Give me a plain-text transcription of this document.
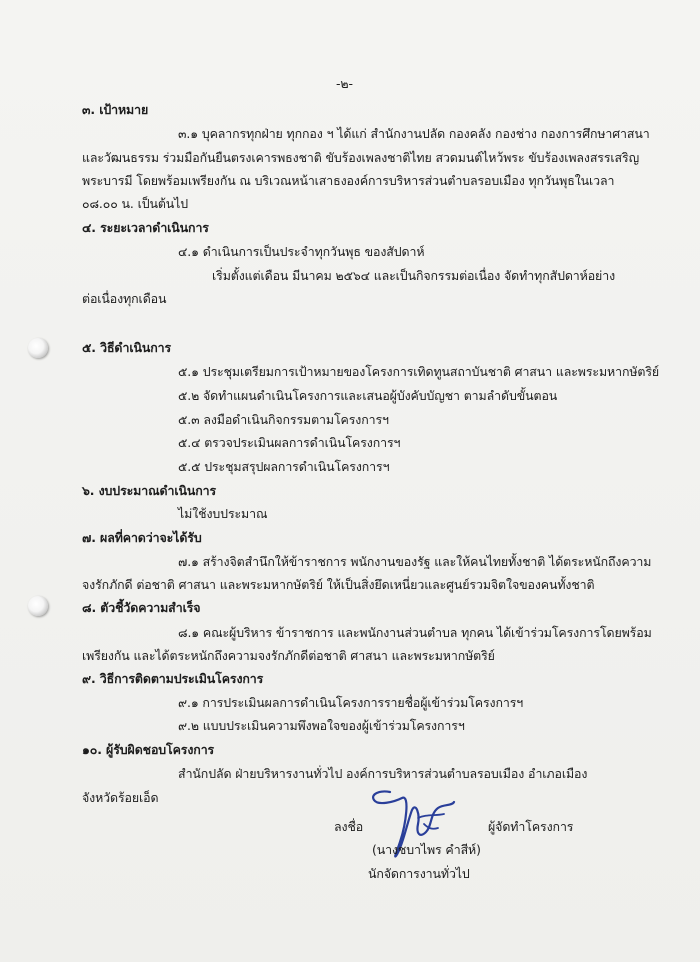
-๒-
๓. เป้าหมาย
๓.๑ บุคลากรทุกฝ่าย ทุกกอง ฯ ได้แก่ สำนักงานปลัด กองคลัง กองช่าง กองการศึกษาศาสนา
และวัฒนธรรม ร่วมมือกันยืนตรงเคารพธงชาติ ขับร้องเพลงชาติไทย สวดมนต์ไหว้พระ ขับร้องเพลงสรรเสริญ
พระบารมี โดยพร้อมเพรียงกัน ณ บริเวณหน้าเสาธงองค์การบริหารส่วนตำบลรอบเมือง ทุกวันพุธในเวลา
๐๘.๐๐ น. เป็นต้นไป
๔. ระยะเวลาดำเนินการ
๔.๑ ดำเนินการเป็นประจำทุกวันพุธ ของสัปดาห์
เริ่มตั้งแต่เดือน มีนาคม ๒๕๖๔ และเป็นกิจกรรมต่อเนื่อง จัดทำทุกสัปดาห์อย่าง
ต่อเนื่องทุกเดือน
๕. วิธีดำเนินการ
๕.๑ ประชุมเตรียมการเป้าหมายของโครงการเทิดทูนสถาบันชาติ ศาสนา และพระมหากษัตริย์
๕.๒ จัดทำแผนดำเนินโครงการและเสนอผู้บังคับบัญชา ตามลำดับขั้นตอน
๕.๓ ลงมือดำเนินกิจกรรมตามโครงการฯ
๕.๔ ตรวจประเมินผลการดำเนินโครงการฯ
๕.๕ ประชุมสรุปผลการดำเนินโครงการฯ
๖. งบประมาณดำเนินการ
ไม่ใช้งบประมาณ
๗. ผลที่คาดว่าจะได้รับ
๗.๑ สร้างจิตสำนึกให้ข้าราชการ พนักงานของรัฐ และให้คนไทยทั้งชาติ ได้ตระหนักถึงความ
จงรักภักดี ต่อชาติ ศาสนา และพระมหากษัตริย์ ให้เป็นสิ่งยึดเหนี่ยวและศูนย์รวมจิตใจของคนทั้งชาติ
๘. ตัวชี้วัดความสำเร็จ
๘.๑ คณะผู้บริหาร ข้าราชการ และพนักงานส่วนตำบล ทุกคน ได้เข้าร่วมโครงการโดยพร้อม
เพรียงกัน และได้ตระหนักถึงความจงรักภักดีต่อชาติ ศาสนา และพระมหากษัตริย์
๙. วิธีการติดตามประเมินโครงการ
๙.๑ การประเมินผลการดำเนินโครงการรายชื่อผู้เข้าร่วมโครงการฯ
๙.๒ แบบประเมินความพึงพอใจของผู้เข้าร่วมโครงการฯ
๑๐. ผู้รับผิดชอบโครงการ
สำนักปลัด ฝ่ายบริหารงานทั่วไป องค์การบริหารส่วนตำบลรอบเมือง อำเภอเมือง
จังหวัดร้อยเอ็ด
ลงชื่อ	ผู้จัดทำโครงการ
(นางชบาไพร คำสีห์)
นักจัดการงานทั่วไป
